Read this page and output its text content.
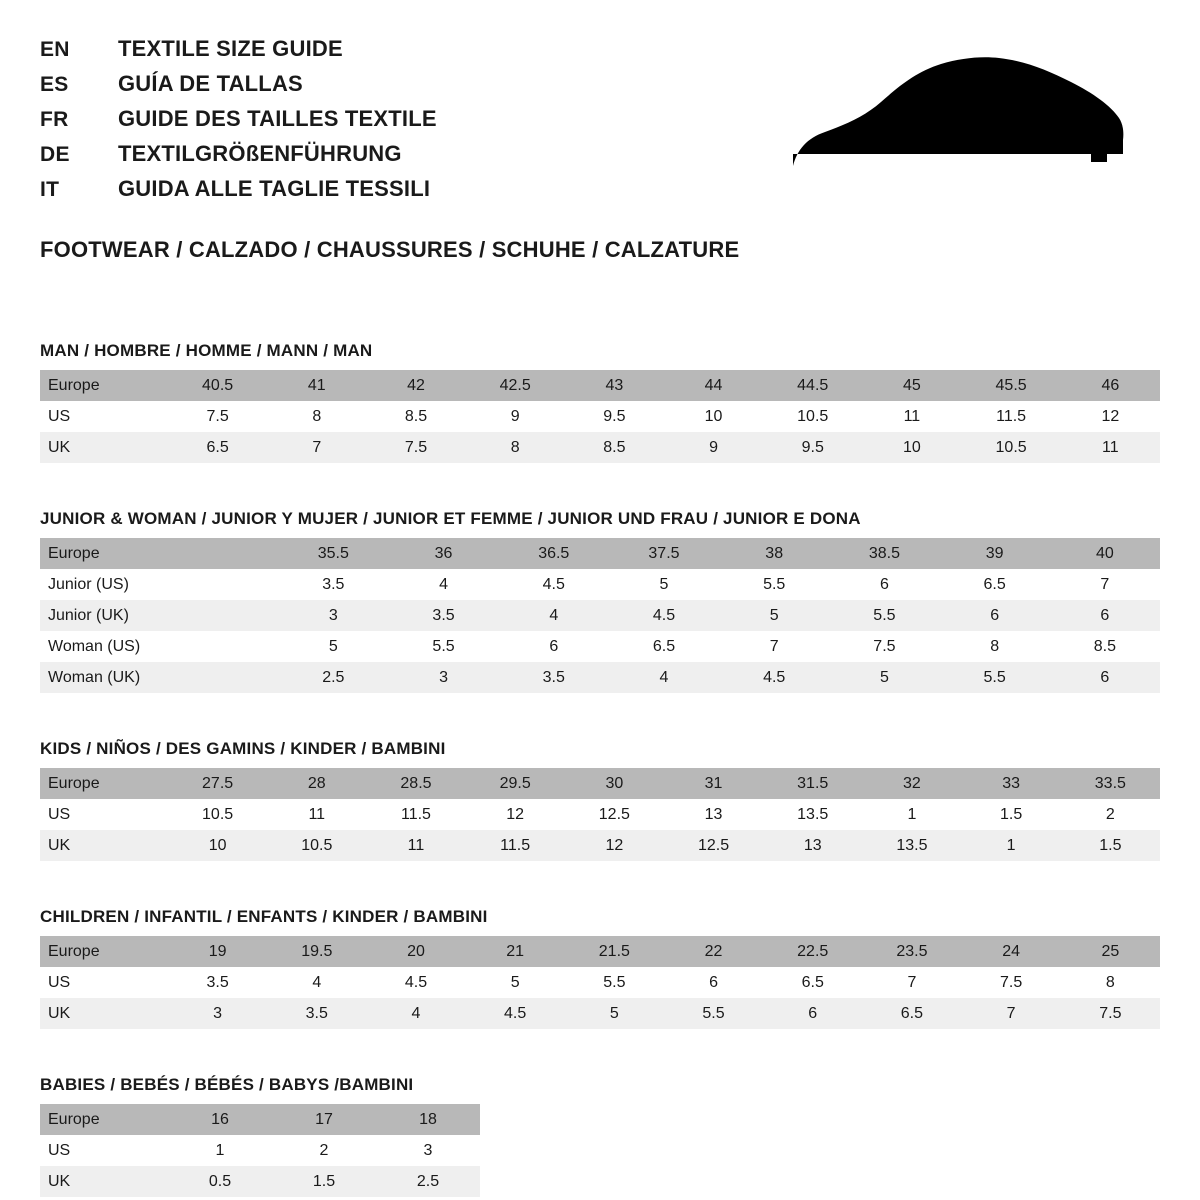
EN	TEXTILE SIZE GUIDE
ES	GUÍA DE TALLAS
FR	GUIDE DES TAILLES TEXTILE
DE	TEXTILGRÖßENFÜHRUNG
IT	GUIDA ALLE TAGLIE TESSILI
FOOTWEAR / CALZADO / CHAUSSURES / SCHUHE / CALZATURE
MAN / HOMBRE / HOMME / MANN / MAN
Europe	40.5	41	42	42.5	43	44	44.5	45	45.5	46
US	7.5	8	8.5	9	9.5	10	10.5	11	11.5	12
UK	6.5	7	7.5	8	8.5	9	9.5	10	10.5	11
JUNIOR & WOMAN / JUNIOR Y MUJER / JUNIOR ET FEMME / JUNIOR UND FRAU / JUNIOR E DONA
Europe		35.5	36	36.5	37.5	38	38.5	39	40
Junior (US)		3.5	4	4.5	5	5.5	6	6.5	7
Junior (UK)		3	3.5	4	4.5	5	5.5	6	6
Woman (US)		5	5.5	6	6.5	7	7.5	8	8.5
Woman (UK)		2.5	3	3.5	4	4.5	5	5.5	6
KIDS / NIÑOS / DES GAMINS / KINDER / BAMBINI
Europe	27.5	28	28.5	29.5	30	31	31.5	32	33	33.5
US	10.5	11	11.5	12	12.5	13	13.5	1	1.5	2
UK	10	10.5	11	11.5	12	12.5	13	13.5	1	1.5
CHILDREN / INFANTIL / ENFANTS / KINDER / BAMBINI
Europe	19	19.5	20	21	21.5	22	22.5	23.5	24	25
US	3.5	4	4.5	5	5.5	6	6.5	7	7.5	8
UK	3	3.5	4	4.5	5	5.5	6	6.5	7	7.5
BABIES / BEBÉS / BÉBÉS / BABYS /BAMBINI
Europe	16	17	18
US	1	2	3
UK	0.5	1.5	2.5
